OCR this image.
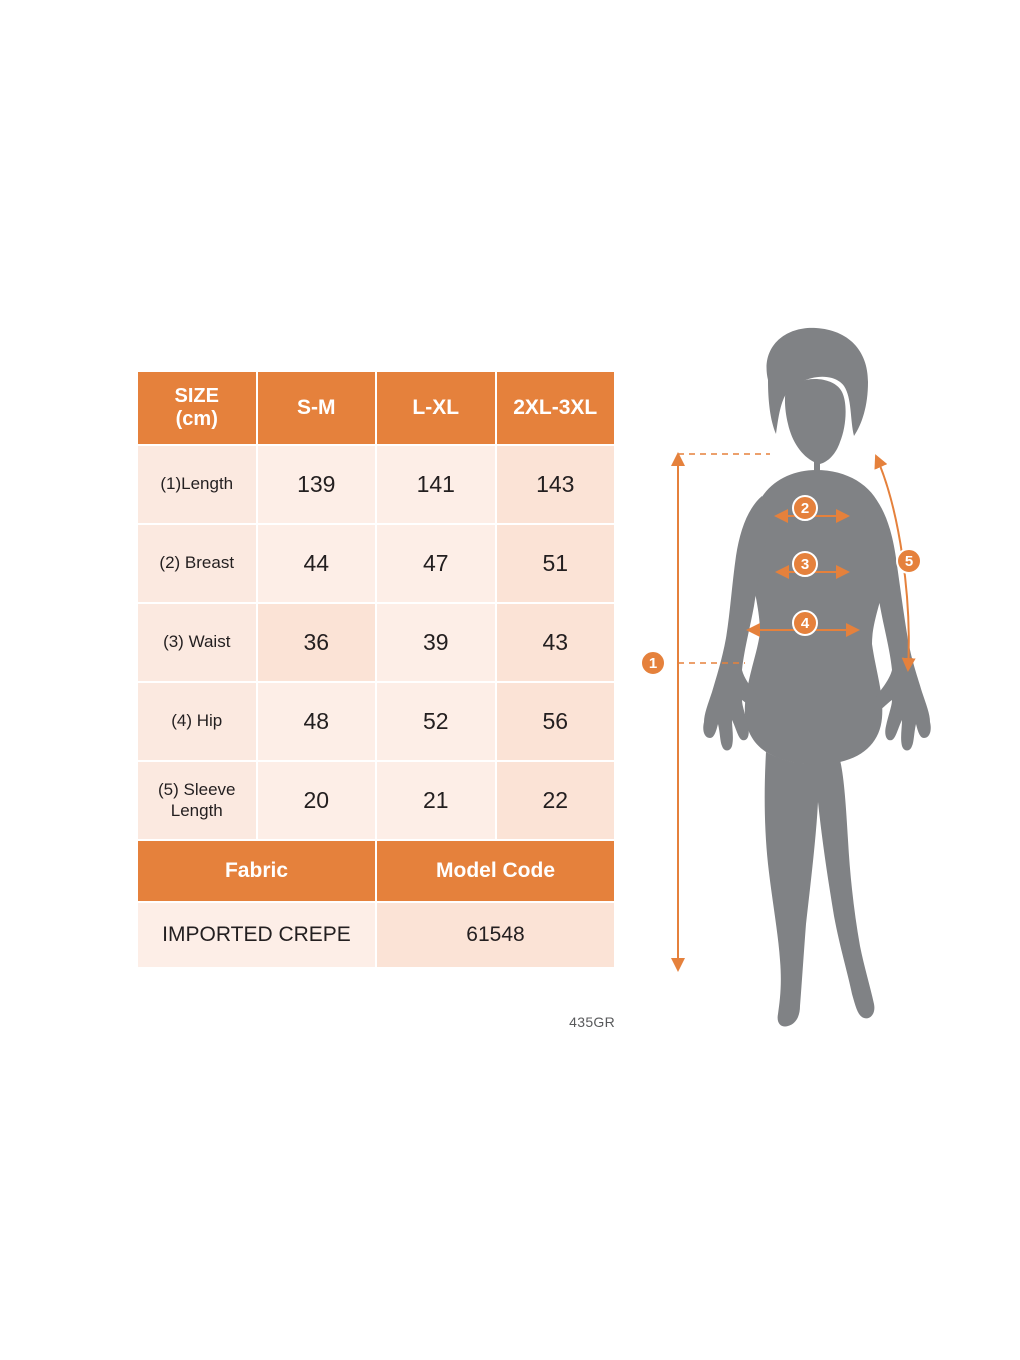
SIZE
(cm)	S-M	L-XL	2XL-3XL
(1)Length	139	141	143
(2) Breast	44	47	51
(3) Waist	36	39	43
(4) Hip	48	52	56
(5) Sleeve Length	20	21	22
Fabric		Model Code	
IMPORTED CREPE		61548	
435GR
1
2
3
4
5
